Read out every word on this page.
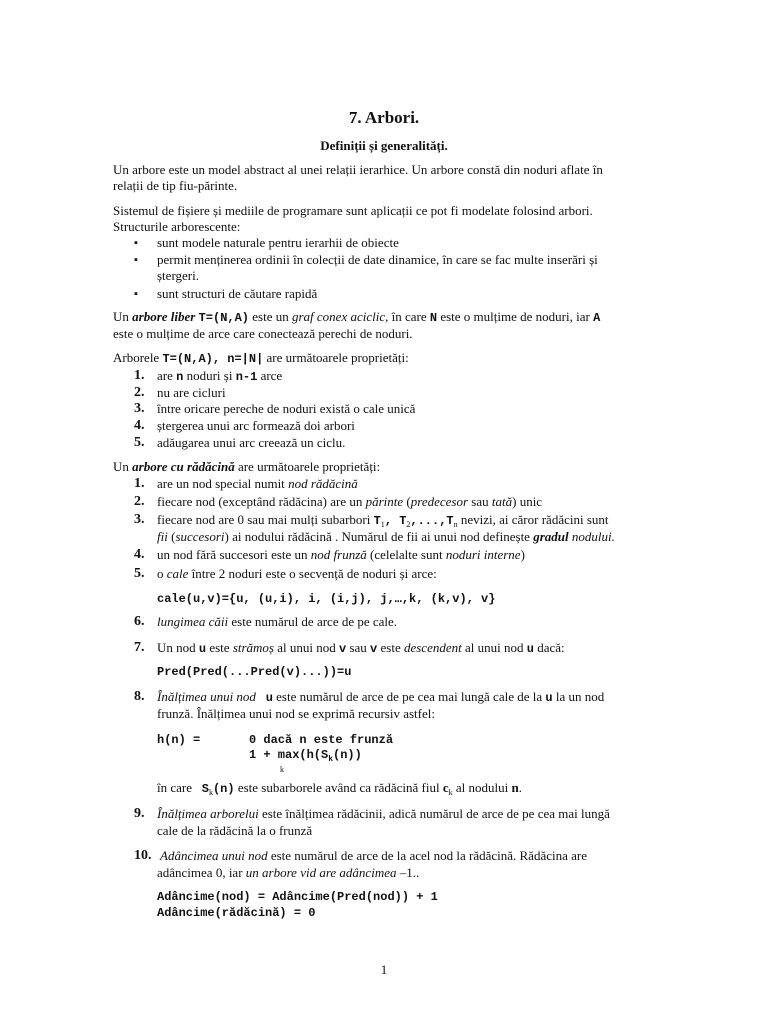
7. Arbori.
Definiții și generalități.
Un arbore este un model abstract al unei relații ierarhice. Un arbore constă din noduri aflate în
relații de tip fiu-părinte.
Sistemul de fișiere și mediile de programare sunt aplicații ce pot fi modelate folosind arbori.
Structurile arborescente:
▪ sunt modele naturale pentru ierarhii de obiecte
▪ permit menținerea ordinii în colecții de date dinamice, în care se fac multe inserări și
ștergeri.
▪ sunt structuri de căutare rapidă
Un arbore liber T=(N,A) este un graf conex aciclic, în care N este o mulțime de noduri, iar A
este o mulțime de arce care conectează perechi de noduri.
Arborele T=(N,A), n=|N| are următoarele proprietăți:
1. are n noduri și n-1 arce
2. nu are cicluri
3. între oricare pereche de noduri există o cale unică
4. ștergerea unui arc formează doi arbori
5. adăugarea unui arc creează un ciclu.
Un arbore cu rădăcină are următoarele proprietăți:
1. are un nod special numit nod rădăcină
2. fiecare nod (exceptând rădăcina) are un părinte (predecesor sau tată) unic
3. fiecare nod are 0 sau mai mulți subarbori $T_1$, $T_2,...,T_n$ nevizi, ai căror rădăcini sunt
fii (succesori) ai nodului rădăcină . Numărul de fii ai unui nod definește gradul nodului.
4. un nod fără succesori este un nod frunză (celelalte sunt noduri interne)
5. o cale între 2 noduri este o secvență de noduri și arce:
cale(u,v)={u, (u,i), i, (i,j), j,…,k, (k,v), v}
6. lungimea căii este numărul de arce de pe cale.
7. Un nod u este strămoș al unui nod v sau v este descendent al unui nod u dacă:
Pred(Pred(...Pred(v)...))=u
8. Înălțimea unui nod u este numărul de arce de pe cea mai lungă cale de la u la un nod
frunză. Înălțimea unui nod se exprimă recursiv astfel:
h(n) =	0 dacă n este frunză
$1 + \max(h(S_k(n))$
k
în care   $S_k(n)$ este subarborele având ca rădăcină fiul $c_k$ al nodului n.
9. Înălțimea arborelui este înălțimea rădăcinii, adică numărul de arce de pe cea mai lungă
cale de la rădăcină la o frunză
10. Adâncimea unui nod este numărul de arce de la acel nod la rădăcină. Rădăcina are
adâncimea 0, iar un arbore vid are adâncimea –1..
Adâncime(nod) = Adâncime(Pred(nod)) + 1
Adâncime(rădăcină) = 0
1
